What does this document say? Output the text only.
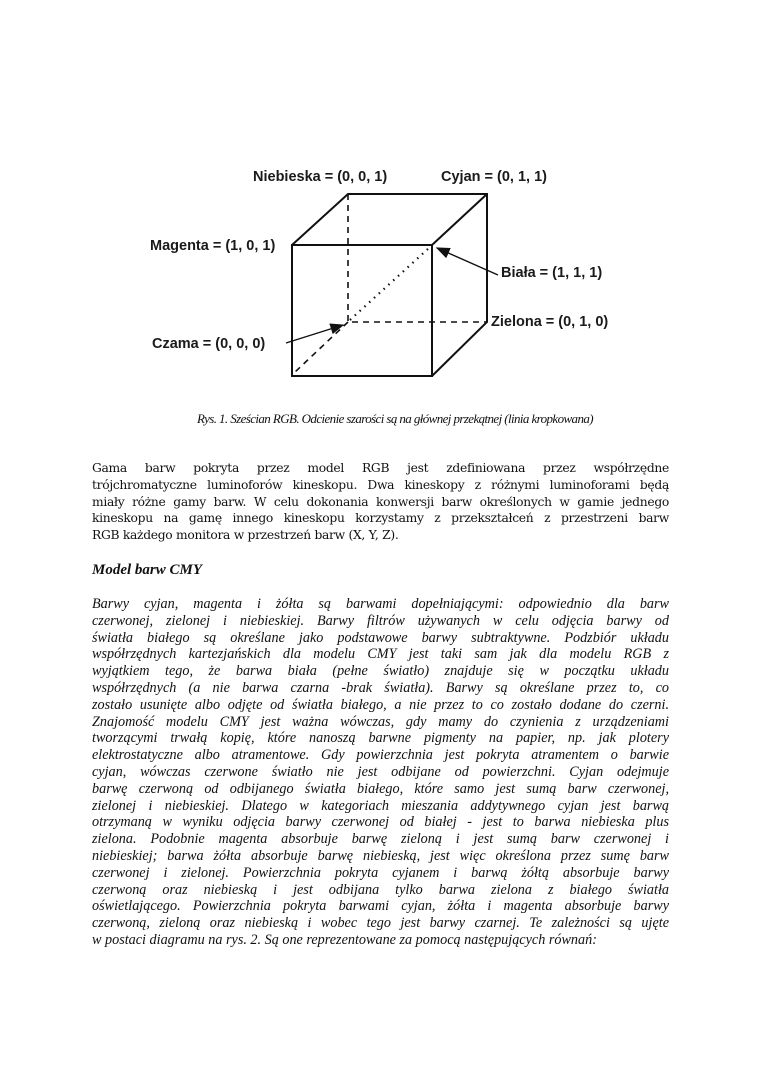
Niebieska = (0, 0, 1)	Cyjan = (0, 1, 1)
Magenta = (1, 0, 1)
Biała = (1, 1, 1)
Zielona = (0, 1, 0)
Czama = (0, 0, 0)
Rys. 1. Sześcian RGB. Odcienie szarości są na głównej przekątnej (linia kropkowana)
Gama barw pokryta przez model RGB jest zdefiniowana przez współrzędne
trójchromatyczne luminoforów kineskopu. Dwa kineskopy z różnymi luminoforami będą
miały różne gamy barw. W celu dokonania konwersji barw określonych w gamie jednego
kineskopu na gamę innego kineskopu korzystamy z przekształceń z przestrzeni barw
RGB każdego monitora w przestrzeń barw (X, Y, Z).
Model barw CMY
Barwy cyjan, magenta i żółta są barwami dopełniającymi: odpowiednio dla barw
czerwonej, zielonej i niebieskiej. Barwy filtrów używanych w celu odjęcia barwy od
światła białego są określane jako podstawowe barwy subtraktywne. Podzbiór układu
współrzędnych kartezjańskich dla modelu CMY jest taki sam jak dla modelu RGB z
wyjątkiem tego, że barwa biała (pełne światło) znajduje się w początku układu
współrzędnych (a nie barwa czarna -brak światła). Barwy są określane przez to, co
zostało usunięte albo odjęte od światła białego, a nie przez to co zostało dodane do czerni.
Znajomość modelu CMY jest ważna wówczas, gdy mamy do czynienia z urządzeniami
tworzącymi trwałą kopię, które nanoszą barwne pigmenty na papier, np. jak plotery
elektrostatyczne albo atramentowe. Gdy powierzchnia jest pokryta atramentem o barwie
cyjan, wówczas czerwone światło nie jest odbijane od powierzchni. Cyjan odejmuje
barwę czerwoną od odbijanego światła białego, które samo jest sumą barw czerwonej,
zielonej i niebieskiej. Dlatego w kategoriach mieszania addytywnego cyjan jest barwą
otrzymaną w wyniku odjęcia barwy czerwonej od białej - jest to barwa niebieska plus
zielona. Podobnie magenta absorbuje barwę zieloną i jest sumą barw czerwonej i
niebieskiej; barwa żółta absorbuje barwę niebieską, jest więc określona przez sumę barw
czerwonej i zielonej. Powierzchnia pokryta cyjanem i barwą żółtą absorbuje barwy
czerwoną oraz niebieską i jest odbijana tylko barwa zielona z białego światła
oświetlającego. Powierzchnia pokryta barwami cyjan, żółta i magenta absorbuje barwy
czerwoną, zieloną oraz niebieską i wobec tego jest barwy czarnej. Te zależności są ujęte
w postaci diagramu na rys. 2. Są one reprezentowane za pomocą następujących równań:
